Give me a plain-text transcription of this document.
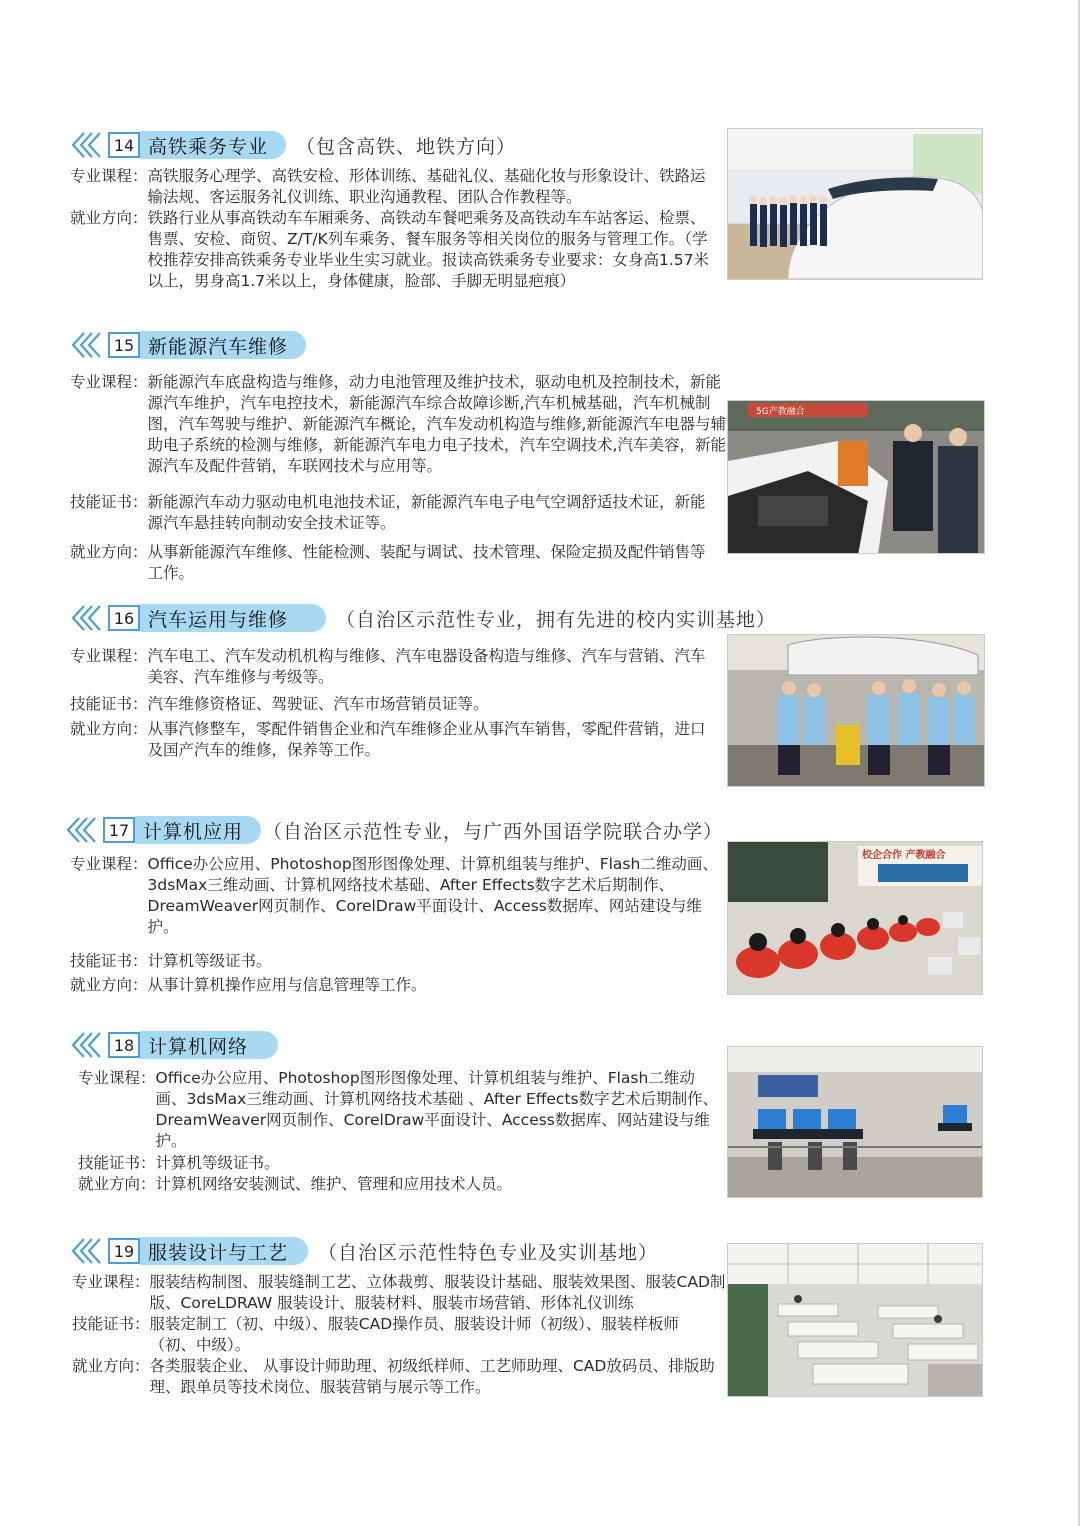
14 高铁乘务专业	（包含高铁、地铁方向）
专业课程： 高铁服务心理学、高铁安检、形体训练、基础礼仪、基础化妆与形象设计、铁路运输法规、客运服务礼仪训练、职业沟通教程、团队合作教程等。
就业方向： 铁路行业从事高铁动车车厢乘务、高铁动车餐吧乘务及高铁动车车站客运、检票、售票、安检、商贸、Z/T/K列车乘务、餐车服务等相关岗位的服务与管理工作。（学校推荐安排高铁乘务专业毕业生实习就业。报读高铁乘务专业要求：女身高1.57米以上，男身高1.7米以上，身体健康，脸部、手脚无明显疤痕）
15 新能源汽车维修
专业课程： 新能源汽车底盘构造与维修，动力电池管理及维护技术，驱动电机及控制技术，新能源汽车维护，汽车电控技术，新能源汽车综合故障诊断,汽车机械基础，汽车机械制图，汽车驾驶与维护、新能源汽车概论，汽车发动机构造与维修,新能源汽车电器与辅助电子系统的检测与维修，新能源汽车电力电子技术，汽车空调技术,汽车美容，新能源汽车及配件营销，车联网技术与应用等。
技能证书： 新能源汽车动力驱动电机电池技术证，新能源汽车电子电气空调舒适技术证，新能源汽车悬挂转向制动安全技术证等。
就业方向： 从事新能源汽车维修、性能检测、装配与调试、技术管理、保险定损及配件销售等工作。
5G产教融合
16 汽车运用与维修	（自治区示范性专业，拥有先进的校内实训基地）
专业课程： 汽车电工、汽车发动机机构与维修、汽车电器设备构造与维修、汽车与营销、汽车美容、汽车维修与考级等。
技能证书： 汽车维修资格证、驾驶证、汽车市场营销员证等。
就业方向： 从事汽修整车，零配件销售企业和汽车维修企业从事汽车销售，零配件营销，进口及国产汽车的维修，保养等工作。
17 计算机应用	（自治区示范性专业，与广西外国语学院联合办学）
专业课程： Office办公应用、Photoshop图形图像处理、计算机组装与维护、Flash二维动画、3dsMax三维动画、计算机网络技术基础、After Effects数字艺术后期制作、DreamWeaver网页制作、CorelDraw平面设计、Access数据库、网站建设与维护。
技能证书： 计算机等级证书。
就业方向： 从事计算机操作应用与信息管理等工作。
校企合作 产教融合
18 计算机网络
专业课程： Office办公应用、Photoshop图形图像处理、计算机组装与维护、Flash二维动画、3dsMax三维动画、计算机网络技术基础 、After Effects数字艺术后期制作、DreamWeaver网页制作、CorelDraw平面设计、Access数据库、网站建设与维护。
技能证书： 计算机等级证书。
就业方向： 计算机网络安装测试、维护、管理和应用技术人员。
19 服装设计与工艺	（自治区示范性特色专业及实训基地）
专业课程： 服装结构制图、服装缝制工艺、立体裁剪、服装设计基础、服装效果图、服装CAD制版、CoreLDRAW 服装设计、服装材料、服装市场营销、形体礼仪训练
技能证书： 服装定制工（初、中级）、服装CAD操作员、服装设计师（初级）、服装样板师（初、中级）。
就业方向： 各类服装企业、 从事设计师助理、初级纸样师、工艺师助理、CAD放码员、排版助理、跟单员等技术岗位、服装营销与展示等工作。
